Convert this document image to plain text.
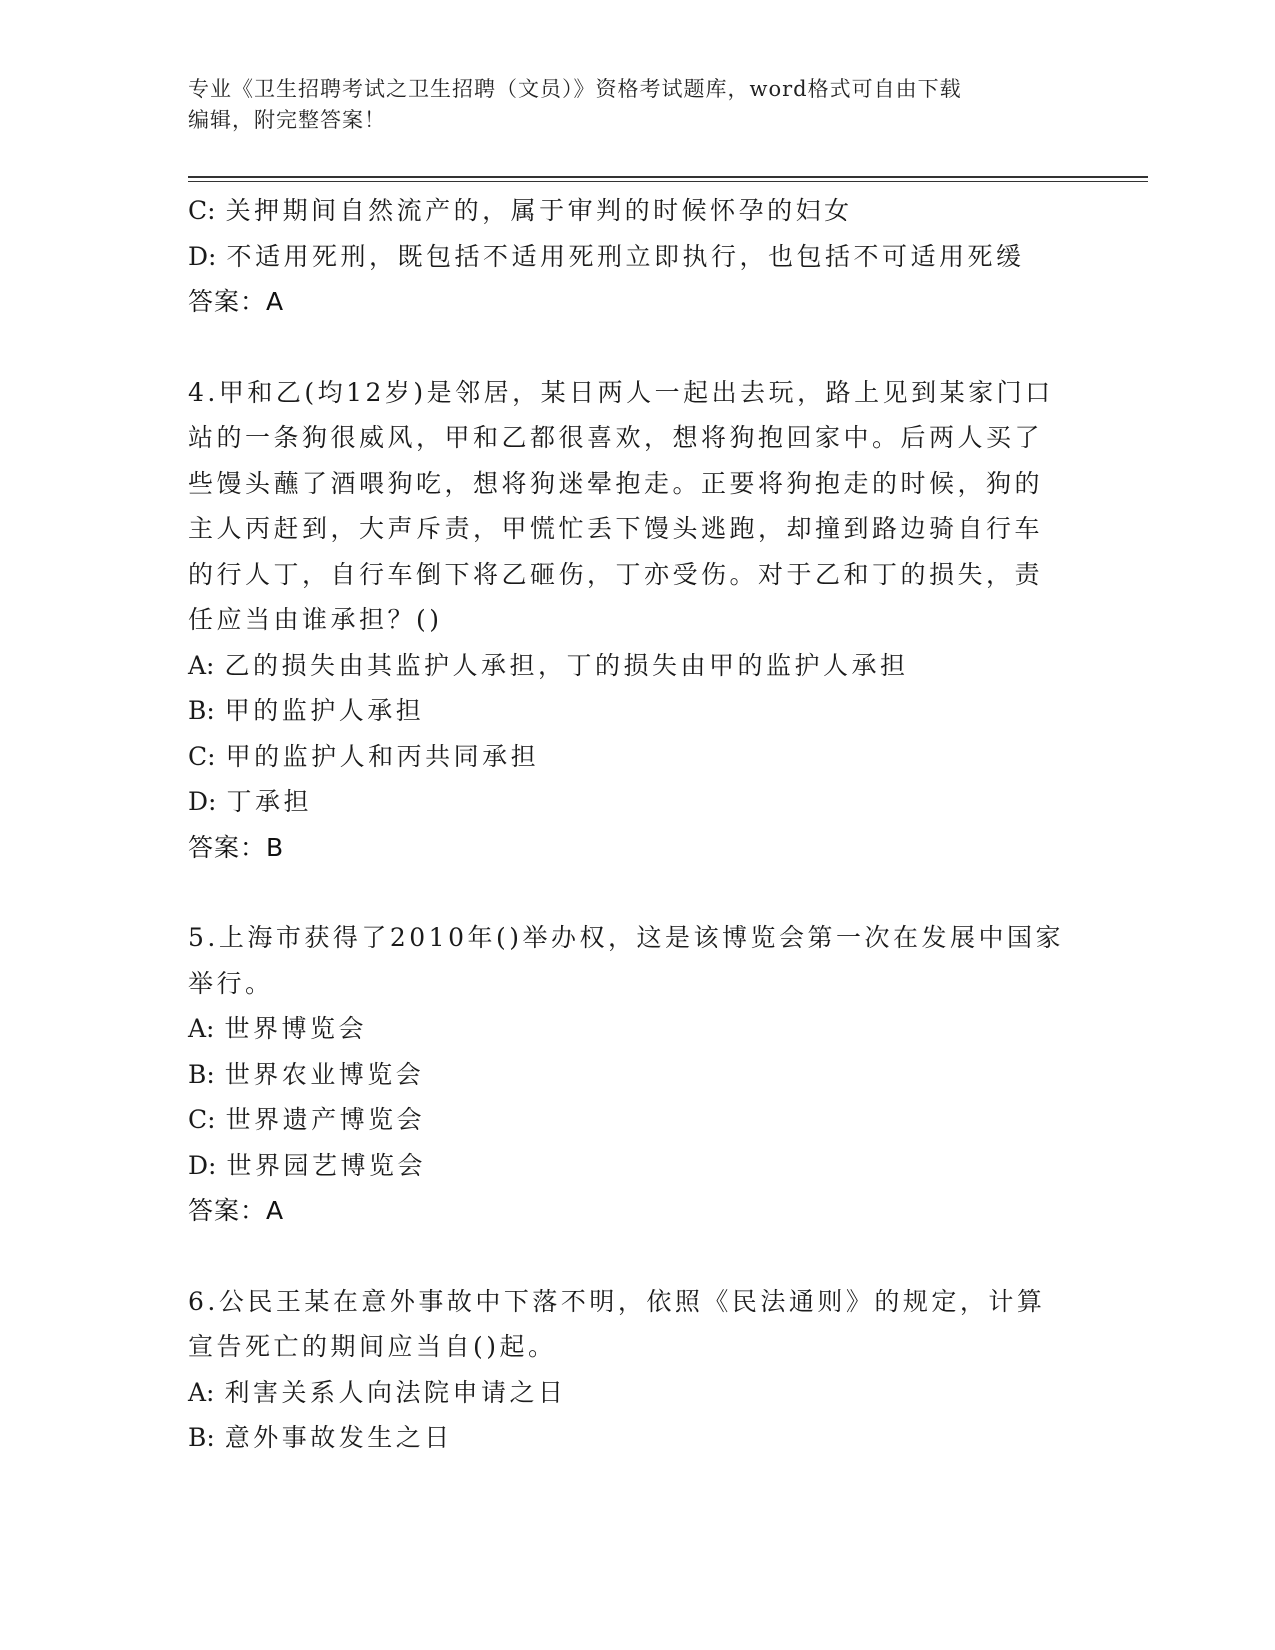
专业《卫生招聘考试之卫生招聘（文员）》资格考试题库，word格式可自由下载
编辑，附完整答案！
C: 关押期间自然流产的，属于审判的时候怀孕的妇女
D: 不适用死刑，既包括不适用死刑立即执行，也包括不可适用死缓
答案：A
4.甲和乙(均12岁)是邻居，某日两人一起出去玩，路上见到某家门口
站的一条狗很威风，甲和乙都很喜欢，想将狗抱回家中。后两人买了
些馒头蘸了酒喂狗吃，想将狗迷晕抱走。正要将狗抱走的时候，狗的
主人丙赶到，大声斥责，甲慌忙丢下馒头逃跑，却撞到路边骑自行车
的行人丁，自行车倒下将乙砸伤，丁亦受伤。对于乙和丁的损失，责
任应当由谁承担？()
A: 乙的损失由其监护人承担，丁的损失由甲的监护人承担
B: 甲的监护人承担
C: 甲的监护人和丙共同承担
D: 丁承担
答案：B
5.上海市获得了2010年()举办权，这是该博览会第一次在发展中国家
举行。
A: 世界博览会
B: 世界农业博览会
C: 世界遗产博览会
D: 世界园艺博览会
答案：A
6.公民王某在意外事故中下落不明，依照《民法通则》的规定，计算
宣告死亡的期间应当自()起。
A: 利害关系人向法院申请之日
B: 意外事故发生之日
